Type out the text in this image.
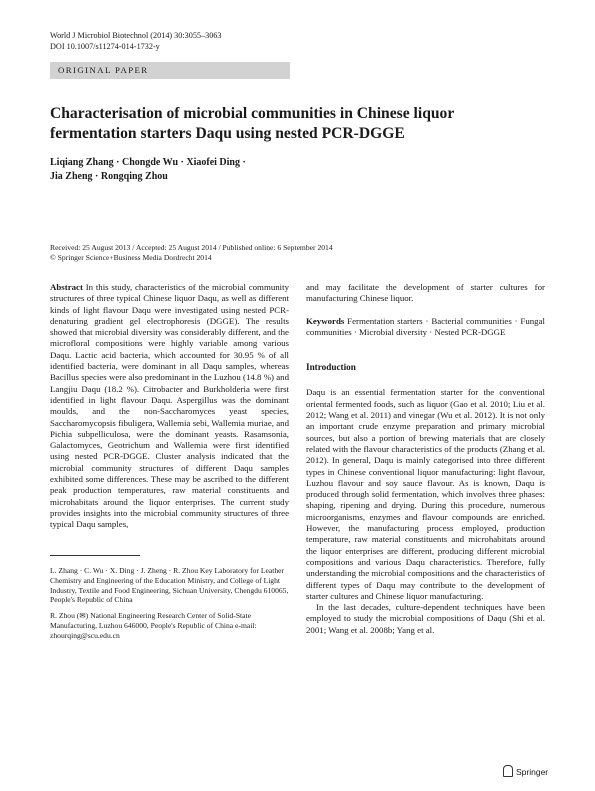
World J Microbiol Biotechnol (2014) 30:3055–3063
DOI 10.1007/s11274-014-1732-y
ORIGINAL PAPER
Characterisation of microbial communities in Chinese liquor fermentation starters Daqu using nested PCR-DGGE
Liqiang Zhang · Chongde Wu · Xiaofei Ding ·
Jia Zheng · Rongqing Zhou
Received: 25 August 2013 / Accepted: 25 August 2014 / Published online: 6 September 2014
© Springer Science+Business Media Dordrecht 2014

Abstract In this study, characteristics of the microbial community structures of three typical Chinese liquor Daqu, as well as different kinds of light flavour Daqu were investigated using nested PCR-denaturing gradient gel electrophoresis (DGGE). The results showed that microbial diversity was considerably different, and the microfloral compositions were highly variable among various Daqu. Lactic acid bacteria, which accounted for 30.95 % of all identified bacteria, were dominant in all Daqu samples, whereas Bacillus species were also predominant in the Luzhou (14.8 %) and Langjiu Daqu (18.2 %). Citrobacter and Burkholderia were first identified in light flavour Daqu. Aspergillus was the dominant moulds, and the non-Saccharomyces yeast species, Saccharomycopsis fibuligera, Wallemia sebi, Wallemia muriae, and Pichia subpelliculosa, were the dominant yeasts. Rasamsonia, Galactomyces, Geotrichum and Wallemia were first identified using nested PCR-DGGE. Cluster analysis indicated that the microbial community structures of different Daqu samples exhibited some differences. These may be ascribed to the different peak production temperatures, raw material constituents and microhabitats around the liquor enterprises. The current study provides insights into the microbial community structures of three typical Daqu samples,

L. Zhang · C. Wu · X. Ding · J. Zheng · R. Zhou Key Laboratory for Leather Chemistry and Engineering of the Education Ministry, and College of Light Industry, Textile and Food Engineering, Sichuan University, Chengdu 610065, People's Republic of China

R. Zhou (✉) National Engineering Research Center of Solid-State Manufacturing, Luzhou 646000, People's Republic of China e-mail: zhourqing@scu.edu.cn

and may facilitate the development of starter cultures for manufacturing Chinese liquor.

Keywords Fermentation starters · Bacterial communities · Fungal communities · Microbial diversity · Nested PCR-DGGE

Introduction

Daqu is an essential fermentation starter for the conventional oriental fermented foods, such as liquor (Gao et al. 2010; Liu et al. 2012; Wang et al. 2011) and vinegar (Wu et al. 2012). It is not only an important crude enzyme preparation and primary microbial sources, but also a portion of brewing materials that are closely related with the flavour characteristics of the products (Zhang et al. 2012). In general, Daqu is mainly categorised into three different types in Chinese conventional liquor manufacturing: light flavour, Luzhou flavour and soy sauce flavour. As is known, Daqu is produced through solid fermentation, which involves three phases: shaping, ripening and drying. During this procedure, numerous microorganisms, enzymes and flavour compounds are enriched. However, the manufacturing process employed, production temperature, raw material constituents and microhabitats around the liquor enterprises are different, producing different microbial compositions and various Daqu characteristics. Therefore, fully understanding the microbial compositions and the characteristics of different types of Daqu may contribute to the development of starter cultures and Chinese liquor manufacturing.

In the last decades, culture-dependent techniques have been employed to study the microbial compositions of Daqu (Shi et al. 2001; Wang et al. 2008b; Yang et al.

Springer
